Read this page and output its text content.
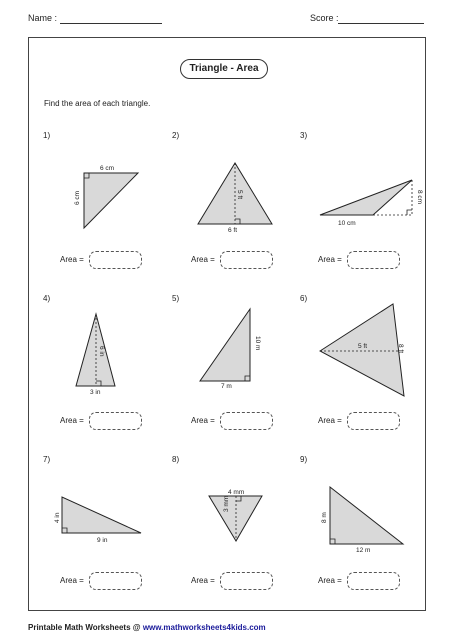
Name :	Score :
Triangle - Area
Find the area of each triangle.
1)	2)	3)
4)	5)	6)
7)	8)	9)
6 cm
6 cm	5 ft
6 ft
8 cm
10 cm
6 in
3 in
10 m
7 m
5 ft	8 ft
4 in
9 in
4 mm
3 mm
8 m
12 m
Area =	Area =	Area =
Area =	Area =	Area =
Area =	Area =	Area =
Printable Math Worksheets @ www.mathworksheets4kids.com
